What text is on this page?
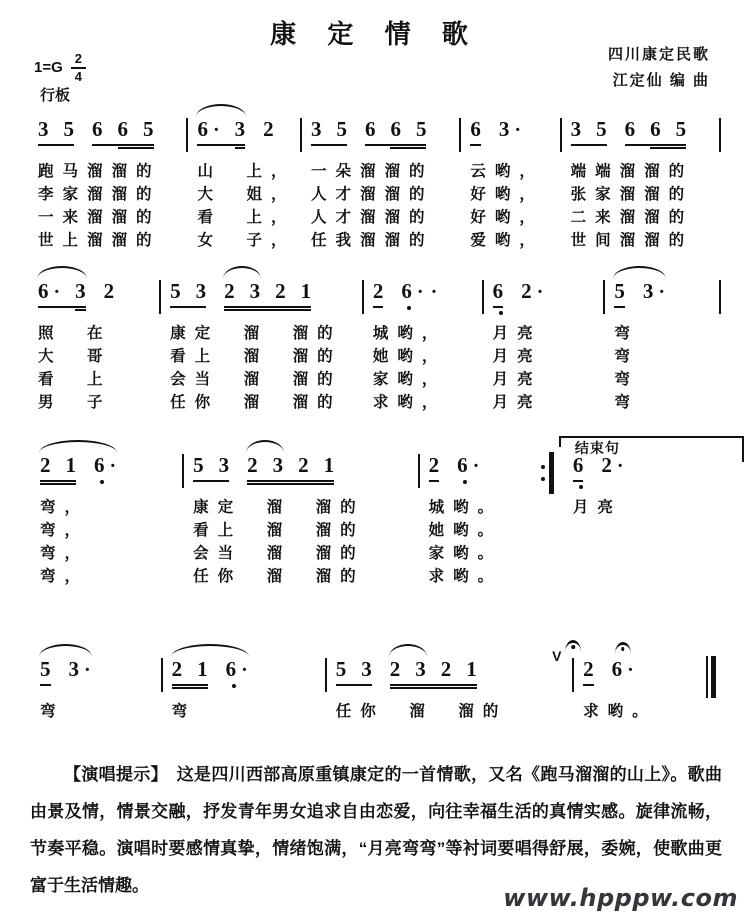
康 定 情 歌
四川康定民歌
江定仙 编 曲
$1=G \frac{2}{4}$
行板
3 5 6 6 5
跑马溜溜的
李家溜溜的
一来溜溜的
世上溜溜的
6 · 3 2
山　上，
大　姐，
看　上，
女　子，
3 5 6 6 5
一朵溜溜的
人才溜溜的
人才溜溜的
任我溜溜的
6 3 ·
云哟，
好哟，
好哟，
爱哟，
3 5 6 6 5
端端溜溜的
张家溜溜的
二来溜溜的
世间溜溜的
6 · 3 2
照　在
大　哥
看　上
男　子
5 3 2 3 2 1
康定　溜　溜的
看上　溜　溜的
会当　溜　溜的
任你　溜　溜的
2 6 · ·
城哟，
她哟，
家哟，
求哟，
6 2 ·
月亮
月亮
月亮
月亮
5 3 ·
弯
弯
弯
弯
2 1 6 ·
弯，
弯，
弯，
弯，
5 3 2 3 2 1
康定　溜　溜的
看上　溜　溜的
会当　溜　溜的
任你　溜　溜的
2 6 ·
城哟。
她哟。
家哟。
求哟。
结束句
6 2 ·
月亮
5 3 ·
弯
2 1 6 ·
弯
5 3 2 3 2 1
任你　溜　溜的
V
2 6 ·
求哟。
【演唱提示】　这是四川西部高原重镇康定的一首情歌，又名《跑马溜溜的山上》。歌曲由景及情，情景交融，抒发青年男女追求自由恋爱，向往幸福生活的真情实感。旋律流畅，节奏平稳。演唱时要感情真挚，情绪饱满，“月亮弯弯”等衬词要唱得舒展，委婉，使歌曲更富于生活情趣。	www.hpppw.com
